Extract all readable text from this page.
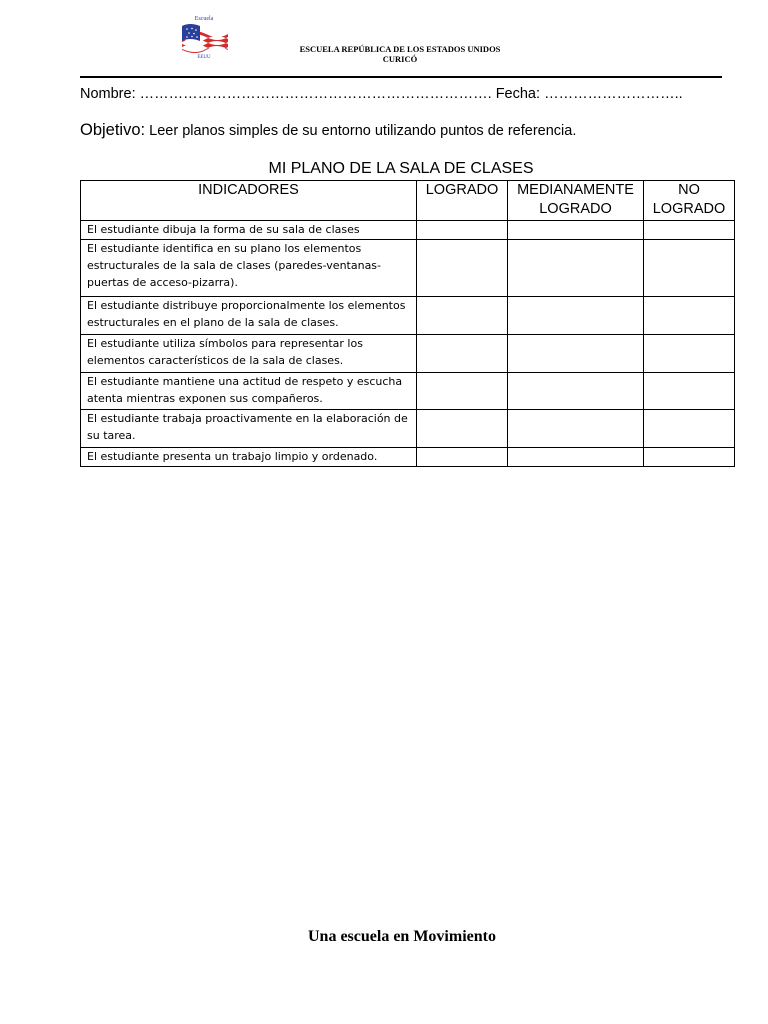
Escuela
EEUU
ESCUELA REPÚBLICA DE LOS ESTADOS UNIDOS
CURICÓ
Nombre: ………………………………………………………………. Fecha: ………………………..
Objetivo: Leer planos simples de su entorno utilizando puntos de referencia.
MI PLANO DE LA SALA DE CLASES
INDICADORES	LOGRADO	MEDIANAMENTE LOGRADO	NO LOGRADO
El estudiante dibuja la forma de su sala de clases			
El estudiante identifica en su plano los elementos estructurales de la sala de clases (paredes-ventanas-puertas de acceso-pizarra).			
El estudiante distribuye proporcionalmente los elementos estructurales en el plano de la sala de clases.			
El estudiante utiliza símbolos para representar los elementos característicos de la sala de clases.			
El estudiante mantiene una actitud de respeto y escucha atenta mientras exponen sus compañeros.			
El estudiante trabaja proactivamente en la elaboración de su tarea.			
El estudiante presenta un trabajo limpio y ordenado.			
Una escuela en Movimiento
